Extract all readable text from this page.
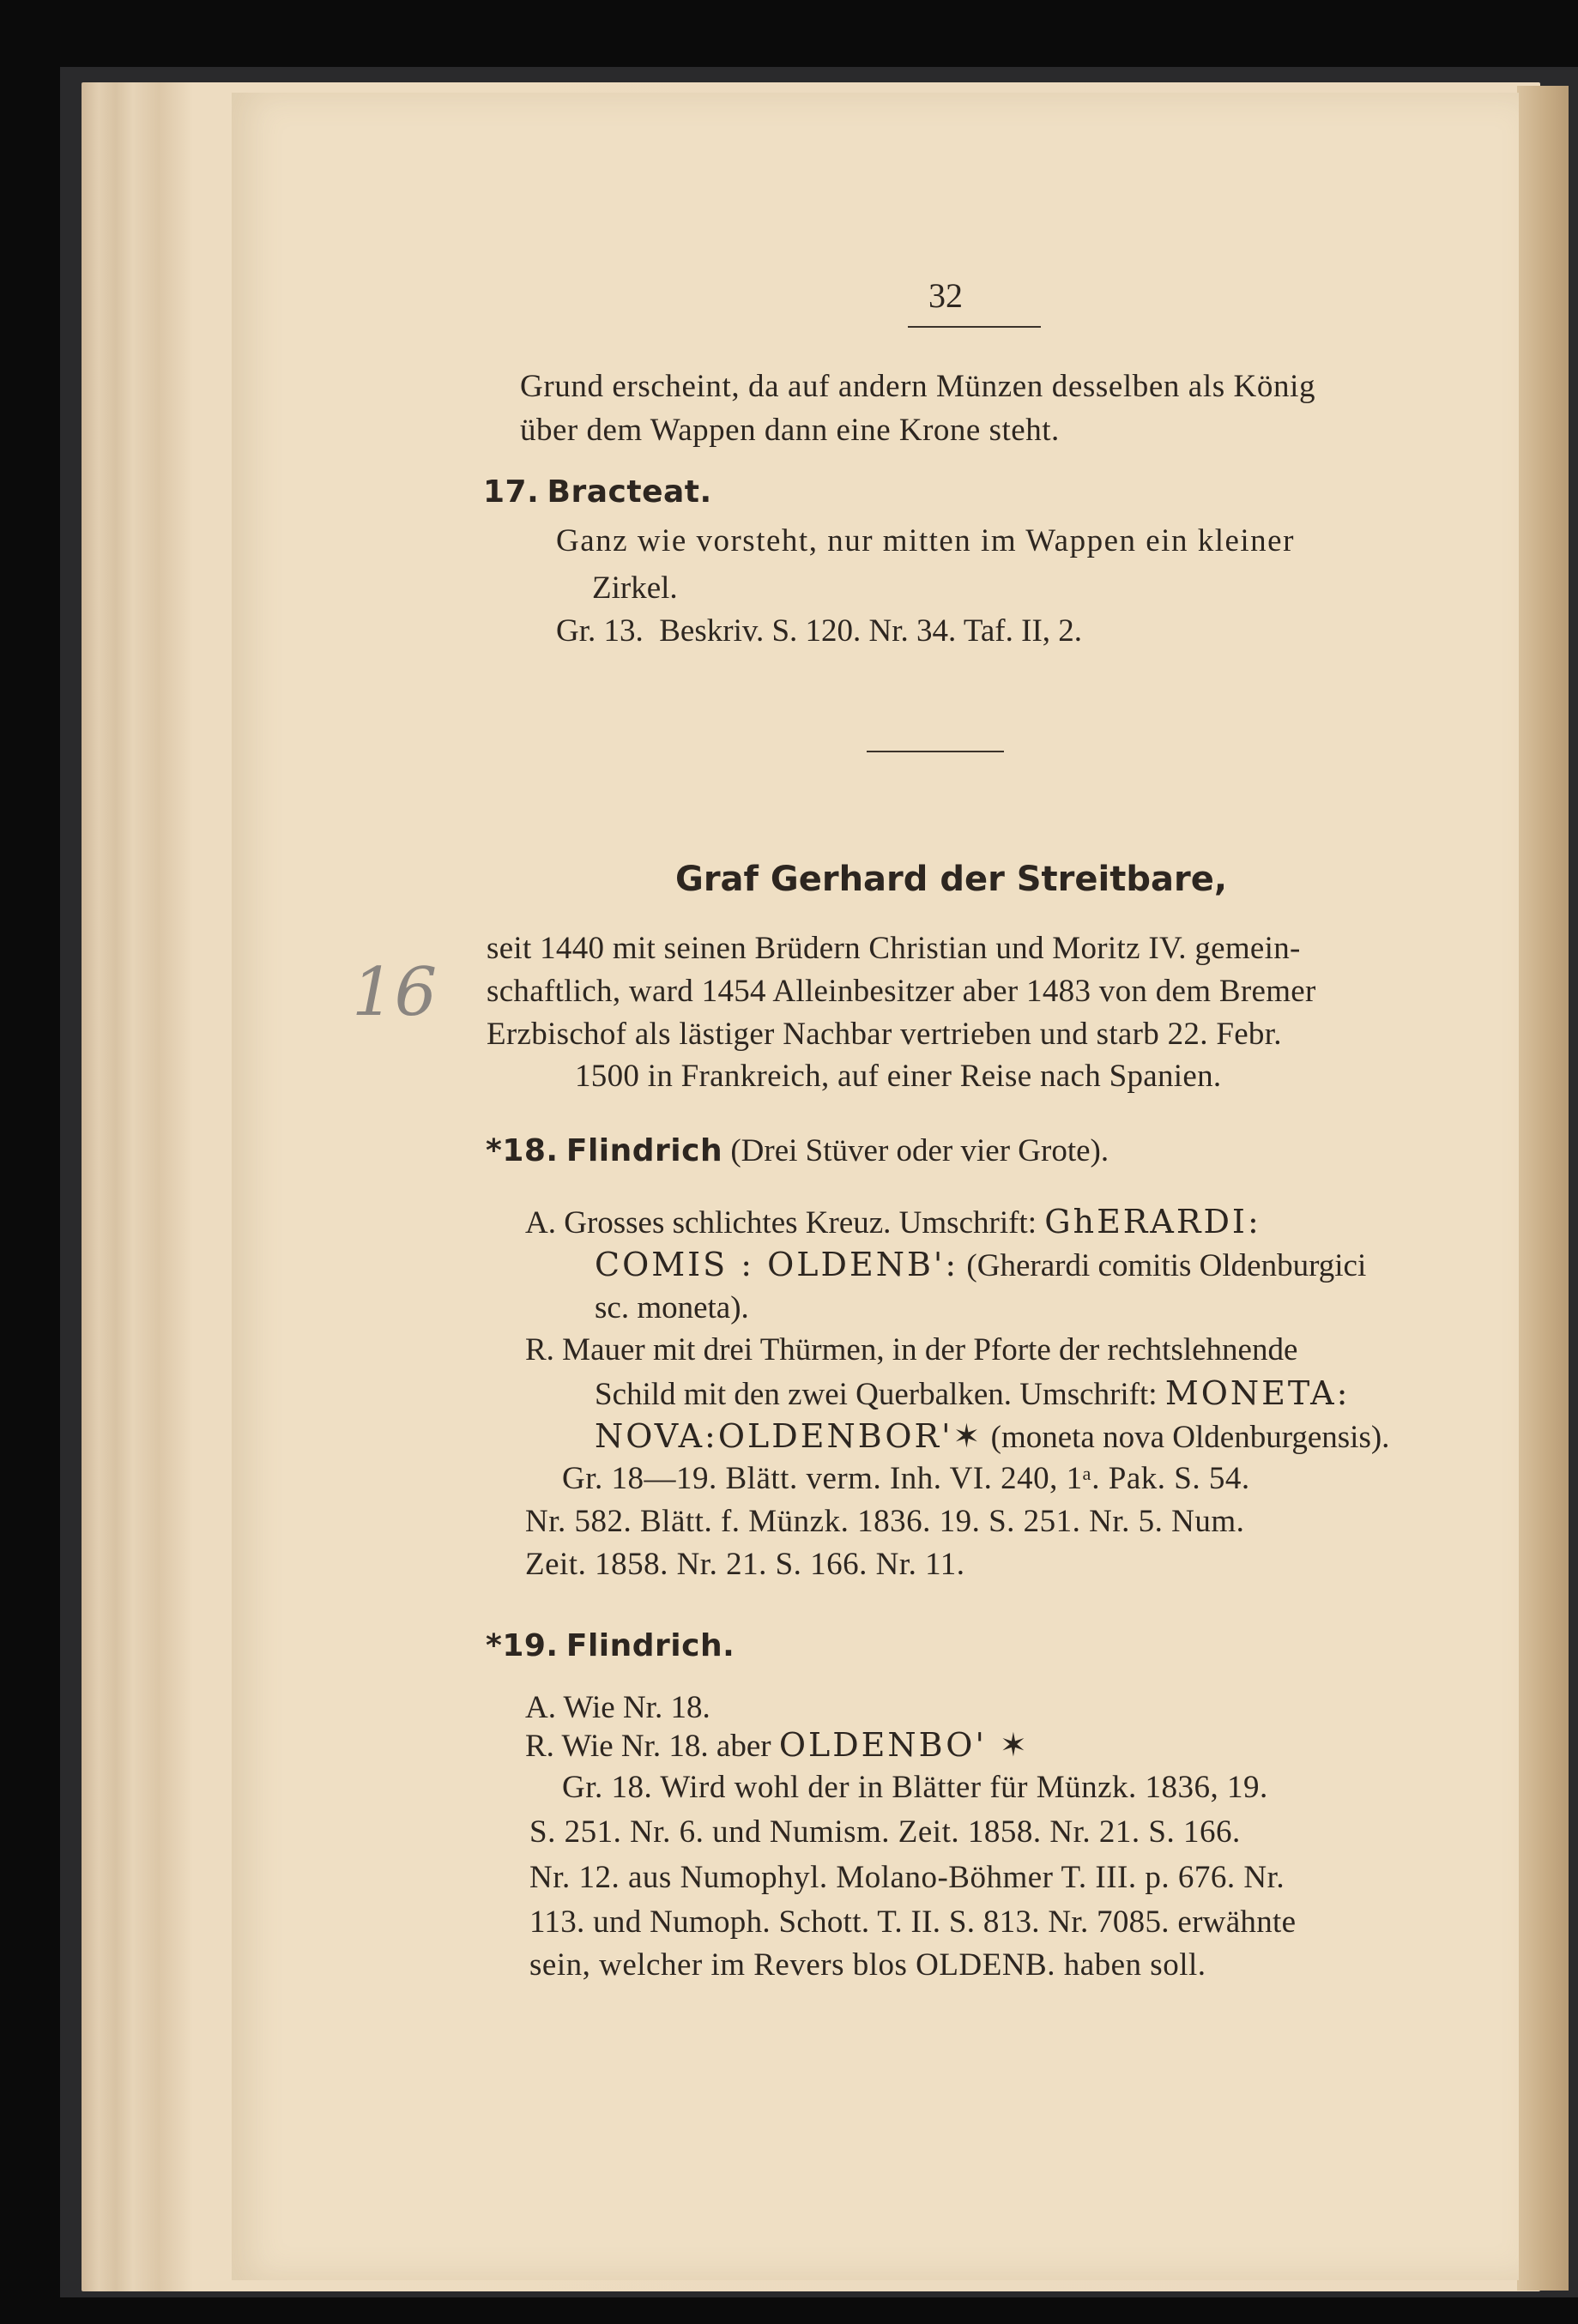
32
Grund erscheint, da auf andern Münzen desselben als König
über dem Wappen dann eine Krone steht.
17. Bracteat.
Ganz wie vorsteht, nur mitten im Wappen ein kleiner
Zirkel.
Gr. 13.  Beskriv. S. 120. Nr. 34. Taf. II, 2.
Graf Gerhard der Streitbare,
seit 1440 mit seinen Brüdern Christian und Moritz IV. gemein-
schaftlich, ward 1454 Alleinbesitzer aber 1483 von dem Bremer
Erzbischof als lästiger Nachbar vertrieben und starb 22. Febr.
1500 in Frankreich, auf einer Reise nach Spanien.
*18. Flindrich (Drei Stüver oder vier Grote).
A. Grosses schlichtes Kreuz. Umschrift: GhERARDI:
COMIS : OLDENB': (Gherardi comitis Oldenburgici
sc. moneta).
R. Mauer mit drei Thürmen, in der Pforte der rechtslehnende
Schild mit den zwei Querbalken. Umschrift: MONETA:
NOVA:OLDENBOR'✶ (moneta nova Oldenburgensis).
Gr. 18—19. Blätt. verm. Inh. VI. 240, 1ᵃ. Pak. S. 54.
Nr. 582. Blätt. f. Münzk. 1836. 19. S. 251. Nr. 5. Num.
Zeit. 1858. Nr. 21. S. 166. Nr. 11.
*19. Flindrich.
A. Wie Nr. 18.
R. Wie Nr. 18. aber OLDENBO' ✶
Gr. 18. Wird wohl der in Blätter für Münzk. 1836, 19.
S. 251. Nr. 6. und Numism. Zeit. 1858. Nr. 21. S. 166.
Nr. 12. aus Numophyl. Molano-Böhmer T. III. p. 676. Nr.
113. und Numoph. Schott. T. II. S. 813. Nr. 7085. erwähnte
sein, welcher im Revers blos OLDENB. haben soll.
16
